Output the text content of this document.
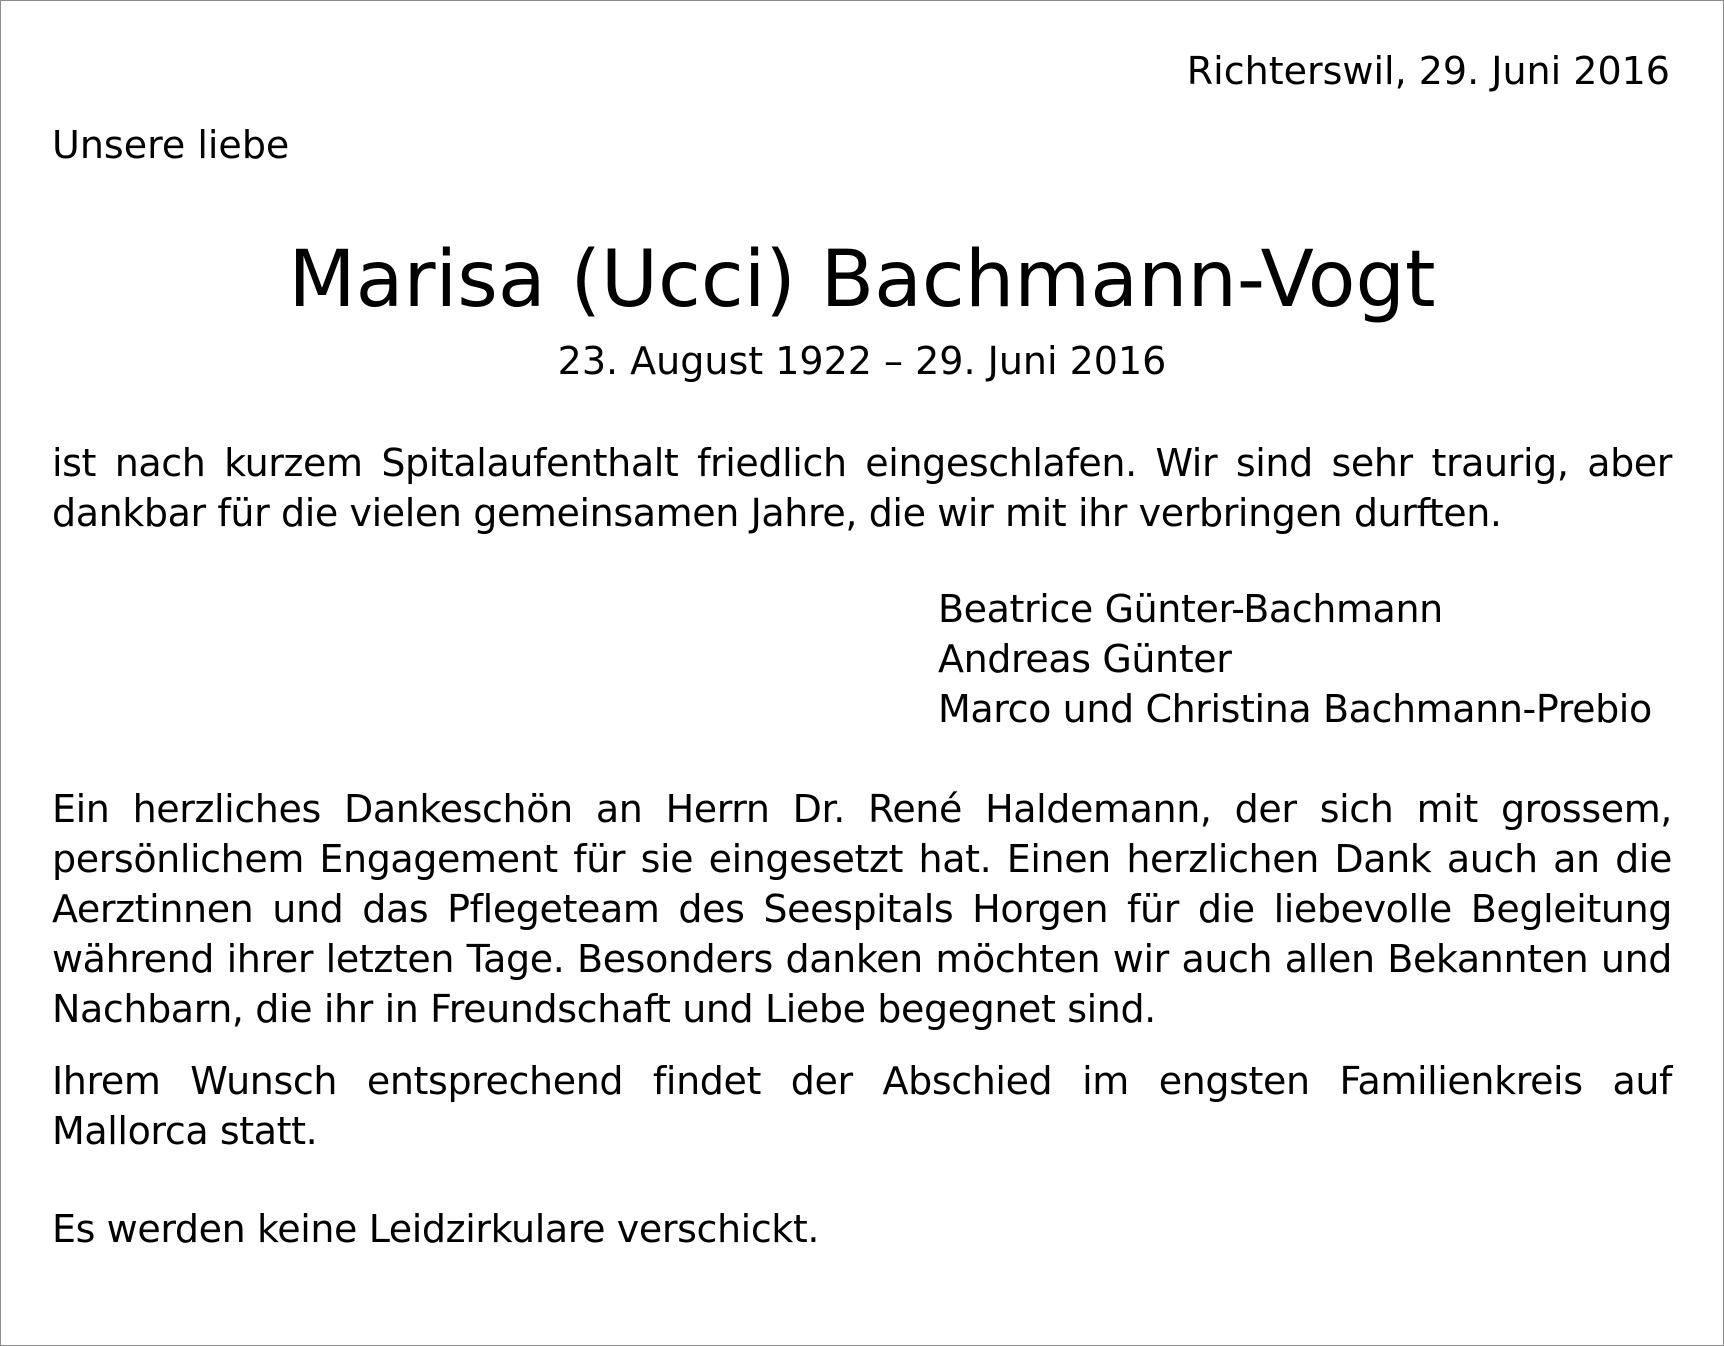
Richterswil, 29. Juni 2016

Unsere liebe

Marisa (Ucci) Bachmann-Vogt

23. August 1922 – 29. Juni 2016

ist nach kurzem Spitalaufenthalt friedlich eingeschlafen. Wir sind sehr traurig, aber dankbar für die vielen gemeinsamen Jahre, die wir mit ihr verbringen durften.

Beatrice Günter-Bachmann
Andreas Günter
Marco und Christina Bachmann-Prebio

Ein herzliches Dankeschön an Herrn Dr. René Haldemann, der sich mit grossem, persönlichem Engagement für sie eingesetzt hat. Einen herzlichen Dank auch an die Aerztinnen und das Pflegeteam des Seespitals Horgen für die liebevolle Begleitung während ihrer letzten Tage. Besonders danken möchten wir auch allen Bekannten und Nachbarn, die ihr in Freundschaft und Liebe begegnet sind.

Ihrem Wunsch entsprechend findet der Abschied im engsten Familienkreis auf Mallorca statt.

Es werden keine Leidzirkulare verschickt.
